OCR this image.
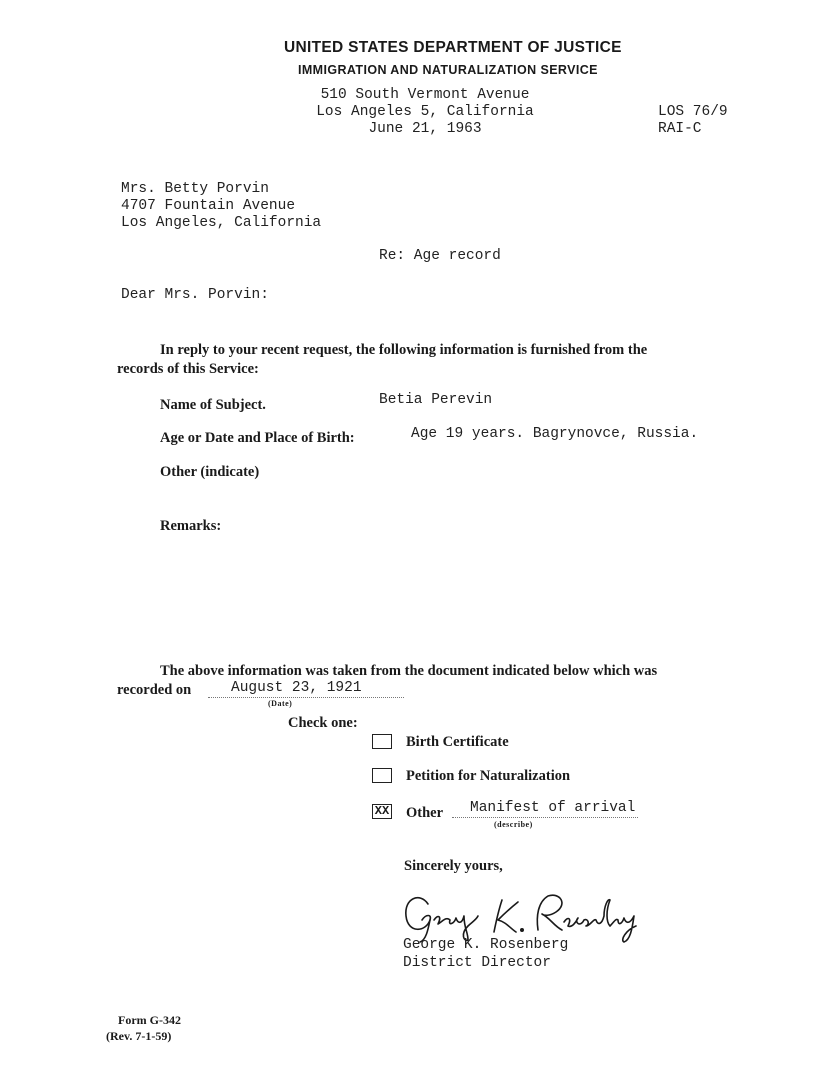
UNITED STATES DEPARTMENT OF JUSTICE
IMMIGRATION AND NATURALIZATION SERVICE
510 South Vermont Avenue
Los Angeles 5, California
June 21, 1963
LOS 76/9
RAI-C
Mrs. Betty Porvin
4707 Fountain Avenue
Los Angeles, California
Re: Age record
Dear Mrs. Porvin:
In reply to your recent request, the following information is furnished from the
records of this Service:
Name of Subject.	Betia Perevin
Age or Date and Place of Birth:	Age 19 years. Bagrynovce, Russia.
Other (indicate)
Remarks:
The above information was taken from the document indicated below which was
recorded on	August 23, 1921
(Date)
Check one:
Birth Certificate
Petition for Naturalization
XX Other Manifest of arrival
(describe)
Sincerely yours,
George K. Rosenberg
District Director
Form G-342
(Rev. 7-1-59)
